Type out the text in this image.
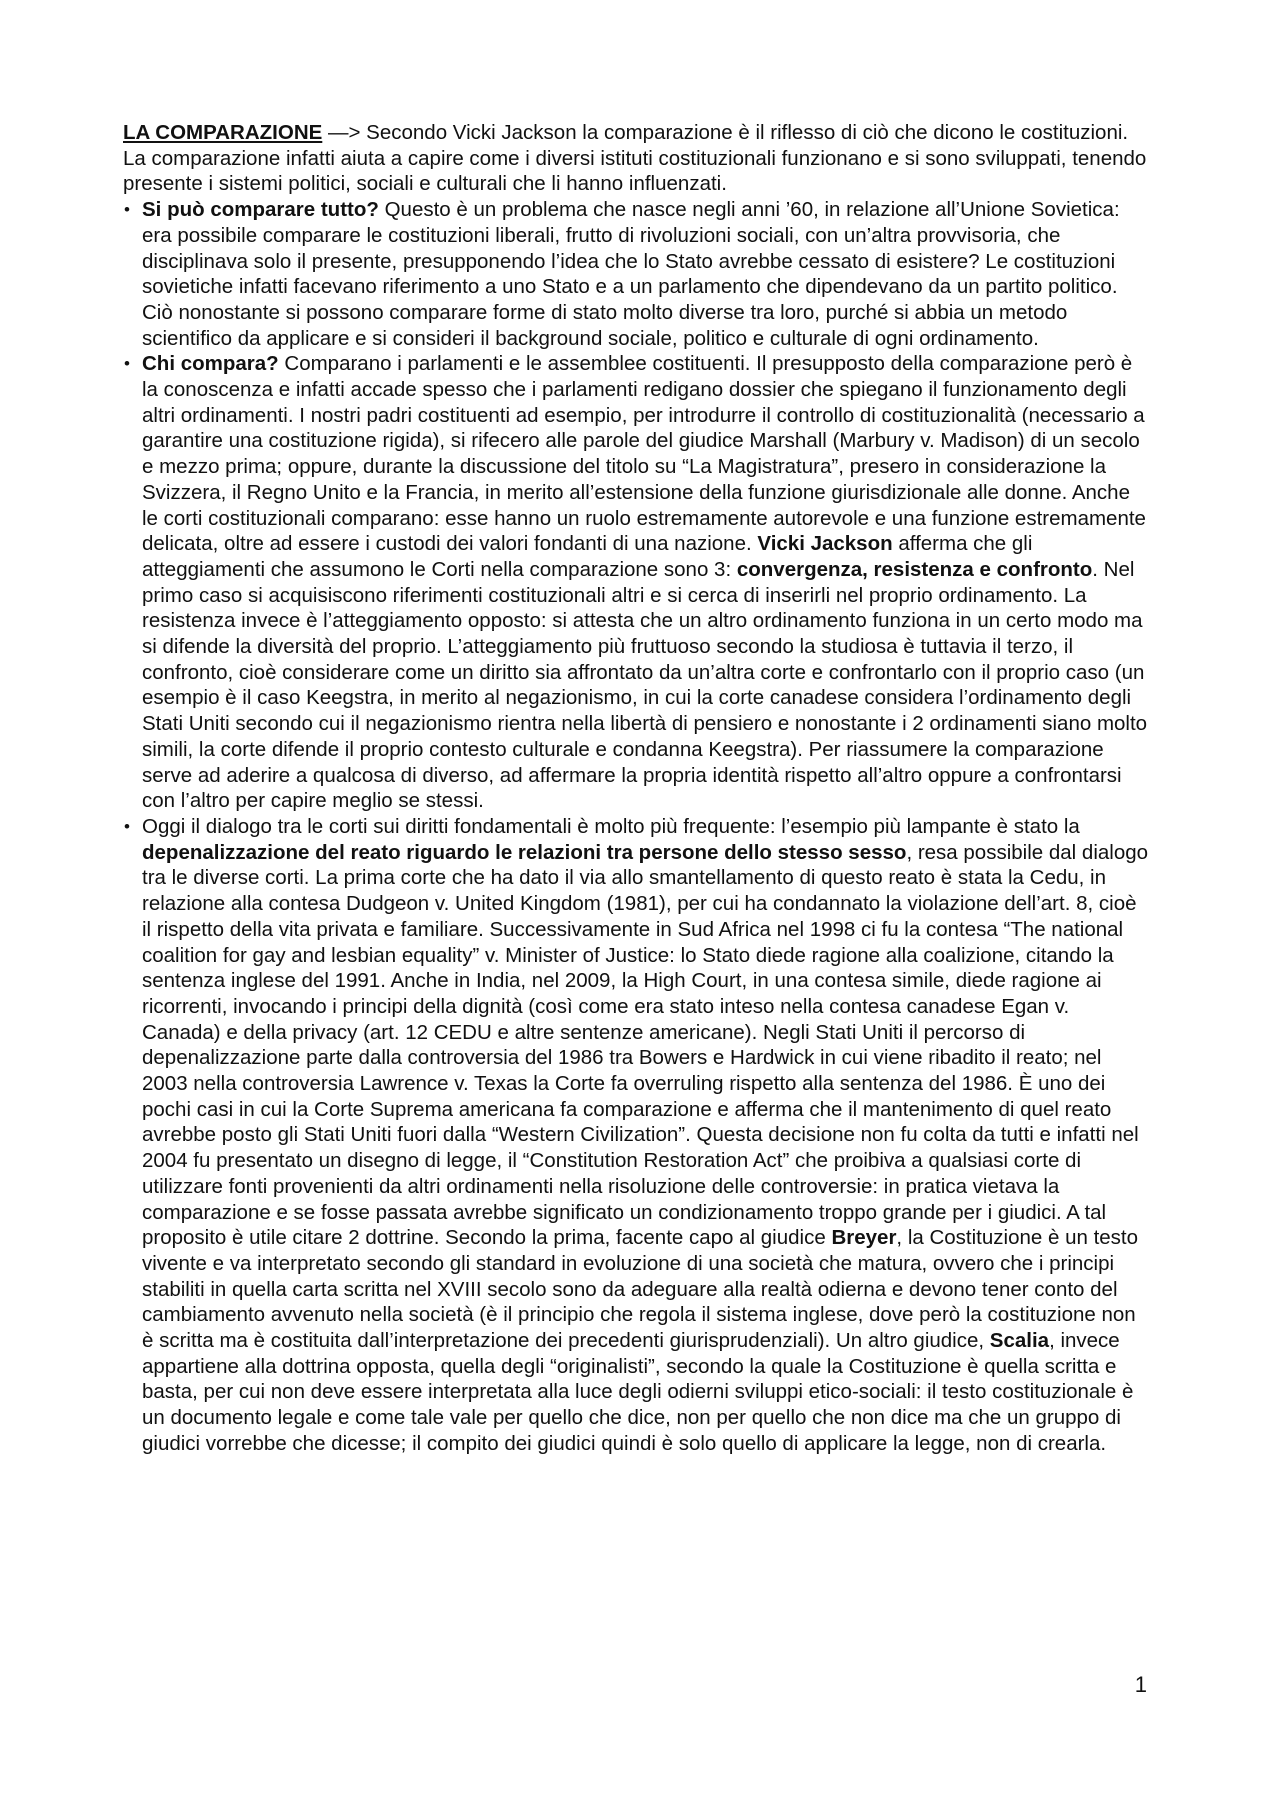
LA COMPARAZIONE —> Secondo Vicki Jackson la comparazione è il riflesso di ciò che dicono le costituzioni. La comparazione infatti aiuta a capire come i diversi istituti costituzionali funzionano e si sono sviluppati, tenendo presente i sistemi politici, sociali e culturali che li hanno influenzati.

• Si può comparare tutto? Questo è un problema che nasce negli anni ’60, in relazione all’Unione Sovietica: era possibile comparare le costituzioni liberali, frutto di rivoluzioni sociali, con un’altra provvisoria, che disciplinava solo il presente, presupponendo l’idea che lo Stato avrebbe cessato di esistere? Le costituzioni sovietiche infatti facevano riferimento a uno Stato e a un parlamento che dipendevano da un partito politico. Ciò nonostante si possono comparare forme di stato molto diverse tra loro, purché si abbia un metodo scientifico da applicare e si consideri il background sociale, politico e culturale di ogni ordinamento.
• Chi compara? Comparano i parlamenti e le assemblee costituenti. Il presupposto della comparazione però è la conoscenza e infatti accade spesso che i parlamenti redigano dossier che spiegano il funzionamento degli altri ordinamenti. I nostri padri costituenti ad esempio, per introdurre il controllo di costituzionalità (necessario a garantire una costituzione rigida), si rifecero alle parole del giudice Marshall (Marbury v. Madison) di un secolo e mezzo prima; oppure, durante la discussione del titolo su “La Magistratura”, presero in considerazione la Svizzera, il Regno Unito e la Francia, in merito all’estensione della funzione giurisdizionale alle donne. Anche le corti costituzionali comparano: esse hanno un ruolo estremamente autorevole e una funzione estremamente delicata, oltre ad essere i custodi dei valori fondanti di una nazione. Vicki Jackson afferma che gli atteggiamenti che assumono le Corti nella comparazione sono 3: convergenza, resistenza e confronto. Nel primo caso si acquisiscono riferimenti costituzionali altri e si cerca di inserirli nel proprio ordinamento. La resistenza invece è l’atteggiamento opposto: si attesta che un altro ordinamento funziona in un certo modo ma si difende la diversità del proprio. L’atteggiamento più fruttuoso secondo la studiosa è tuttavia il terzo, il confronto, cioè considerare come un diritto sia affrontato da un’altra corte e confrontarlo con il proprio caso (un esempio è il caso Keegstra, in merito al negazionismo, in cui la corte canadese considera l’ordinamento degli Stati Uniti secondo cui il negazionismo rientra nella libertà di pensiero e nonostante i 2 ordinamenti siano molto simili, la corte difende il proprio contesto culturale e condanna Keegstra). Per riassumere la comparazione serve ad aderire a qualcosa di diverso, ad affermare la propria identità rispetto all’altro oppure a confrontarsi con l’altro per capire meglio se stessi.
• Oggi il dialogo tra le corti sui diritti fondamentali è molto più frequente: l’esempio più lampante è stato la depenalizzazione del reato riguardo le relazioni tra persone dello stesso sesso, resa possibile dal dialogo tra le diverse corti. La prima corte che ha dato il via allo smantellamento di questo reato è stata la Cedu, in relazione alla contesa Dudgeon v. United Kingdom (1981), per cui ha condannato la violazione dell’art. 8, cioè il rispetto della vita privata e familiare. Successivamente in Sud Africa nel 1998 ci fu la contesa “The national coalition for gay and lesbian equality” v. Minister of Justice: lo Stato diede ragione alla coalizione, citando la sentenza inglese del 1991. Anche in India, nel 2009, la High Court, in una contesa simile, diede ragione ai ricorrenti, invocando i principi della dignità (così come era stato inteso nella contesa canadese Egan v. Canada) e della privacy (art. 12 CEDU e altre sentenze americane). Negli Stati Uniti il percorso di depenalizzazione parte dalla controversia del 1986 tra Bowers e Hardwick in cui viene ribadito il reato; nel 2003 nella controversia Lawrence v. Texas la Corte fa overruling rispetto alla sentenza del 1986. È uno dei pochi casi in cui la Corte Suprema americana fa comparazione e afferma che il mantenimento di quel reato avrebbe posto gli Stati Uniti fuori dalla “Western Civilization”. Questa decisione non fu colta da tutti e infatti nel 2004 fu presentato un disegno di legge, il “Constitution Restoration Act” che proibiva a qualsiasi corte di utilizzare fonti provenienti da altri ordinamenti nella risoluzione delle controversie: in pratica vietava la comparazione e se fosse passata avrebbe significato un condizionamento troppo grande per i giudici. A tal proposito è utile citare 2 dottrine. Secondo la prima, facente capo al giudice Breyer, la Costituzione è un testo vivente e va interpretato secondo gli standard in evoluzione di una società che matura, ovvero che i principi stabiliti in quella carta scritta nel XVIII secolo sono da adeguare alla realtà odierna e devono tener conto del cambiamento avvenuto nella società (è il principio che regola il sistema inglese, dove però la costituzione non è scritta ma è costituita dall’interpretazione dei precedenti giurisprudenziali). Un altro giudice, Scalia, invece appartiene alla dottrina opposta, quella degli “originalisti”, secondo la quale la Costituzione è quella scritta e basta, per cui non deve essere interpretata alla luce degli odierni sviluppi etico-sociali: il testo costituzionale è un documento legale e come tale vale per quello che dice, non per quello che non dice ma che un gruppo di giudici vorrebbe che dicesse; il compito dei giudici quindi è solo quello di applicare la legge, non di crearla.
1
